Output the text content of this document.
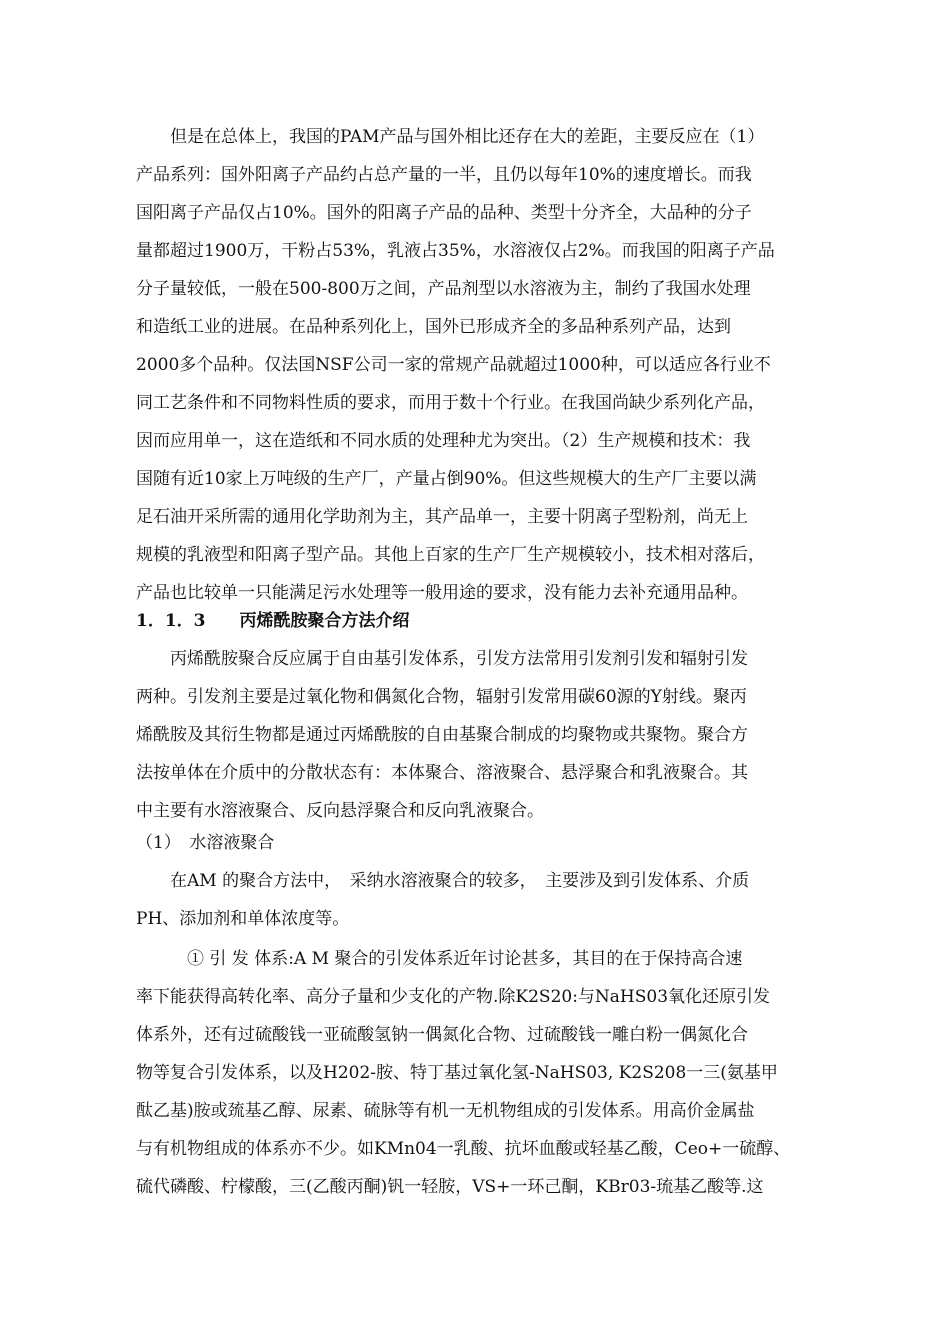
　　但是在总体上，我国的PAM产品与国外相比还存在大的差距，主要反应在（1）
产品系列：国外阳离子产品约占总产量的一半，且仍以每年10%的速度增长。而我
国阳离子产品仅占10%。国外的阳离子产品的品种、类型十分齐全，大品种的分子
量都超过1900万，干粉占53%，乳液占35%，水溶液仅占2%。而我国的阳离子产品
分子量较低，一般在500-800万之间，产品剂型以水溶液为主，制约了我国水处理
和造纸工业的进展。在品种系列化上，国外已形成齐全的多品种系列产品，达到
2000多个品种。仅法国NSF公司一家的常规产品就超过1000种，可以适应各行业不
同工艺条件和不同物料性质的要求，而用于数十个行业。在我国尚缺少系列化产品，
因而应用单一，这在造纸和不同水质的处理种尤为突出。（2）生产规模和技术：我
国随有近10家上万吨级的生产厂，产量占倒90%。但这些规模大的生产厂主要以满
足石油开采所需的通用化学助剂为主，其产品单一，主要十阴离子型粉剂，尚无上
规模的乳液型和阳离子型产品。其他上百家的生产厂生产规模较小，技术相对落后，
产品也比较单一只能满足污水处理等一般用途的要求，没有能力去补充通用品种。
1．1．3　　丙烯酰胺聚合方法介绍
　　丙烯酰胺聚合反应属于自由基引发体系，引发方法常用引发剂引发和辐射引发
两种。引发剂主要是过氧化物和偶氮化合物，辐射引发常用碳60源的Y射线。聚丙
烯酰胺及其衍生物都是通过丙烯酰胺的自由基聚合制成的均聚物或共聚物。聚合方
法按单体在介质中的分散状态有：本体聚合、溶液聚合、悬浮聚合和乳液聚合。其
中主要有水溶液聚合、反向悬浮聚合和反向乳液聚合。
（1）　水溶液聚合
　　在AM 的聚合方法中，　采纳水溶液聚合的较多，　主要涉及到引发体系、介质
PH、添加剂和单体浓度等。
　　　① 引 发 体系:A M 聚合的引发体系近年讨论甚多，其目的在于保持高合速
率下能获得高转化率、高分子量和少支化的产物.除K2S20:与NaHS03氧化还原引发
体系外，还有过硫酸钱一亚硫酸氢钠一偶氮化合物、过硫酸钱一雕白粉一偶氮化合
物等复合引发体系，以及H202-胺、特丁基过氧化氢-NaHS03, K2S208一三(氨基甲
酞乙基)胺或巯基乙醇、尿素、硫脉等有机一无机物组成的引发体系。用高价金属盐
与有机物组成的体系亦不少。如KMn04一乳酸、抗坏血酸或轻基乙酸，Ceo+一硫醇、
硫代磷酸、柠檬酸，三(乙酸丙酮)钒一轻胺，VS+一环己酮，KBr03-琉基乙酸等.这
